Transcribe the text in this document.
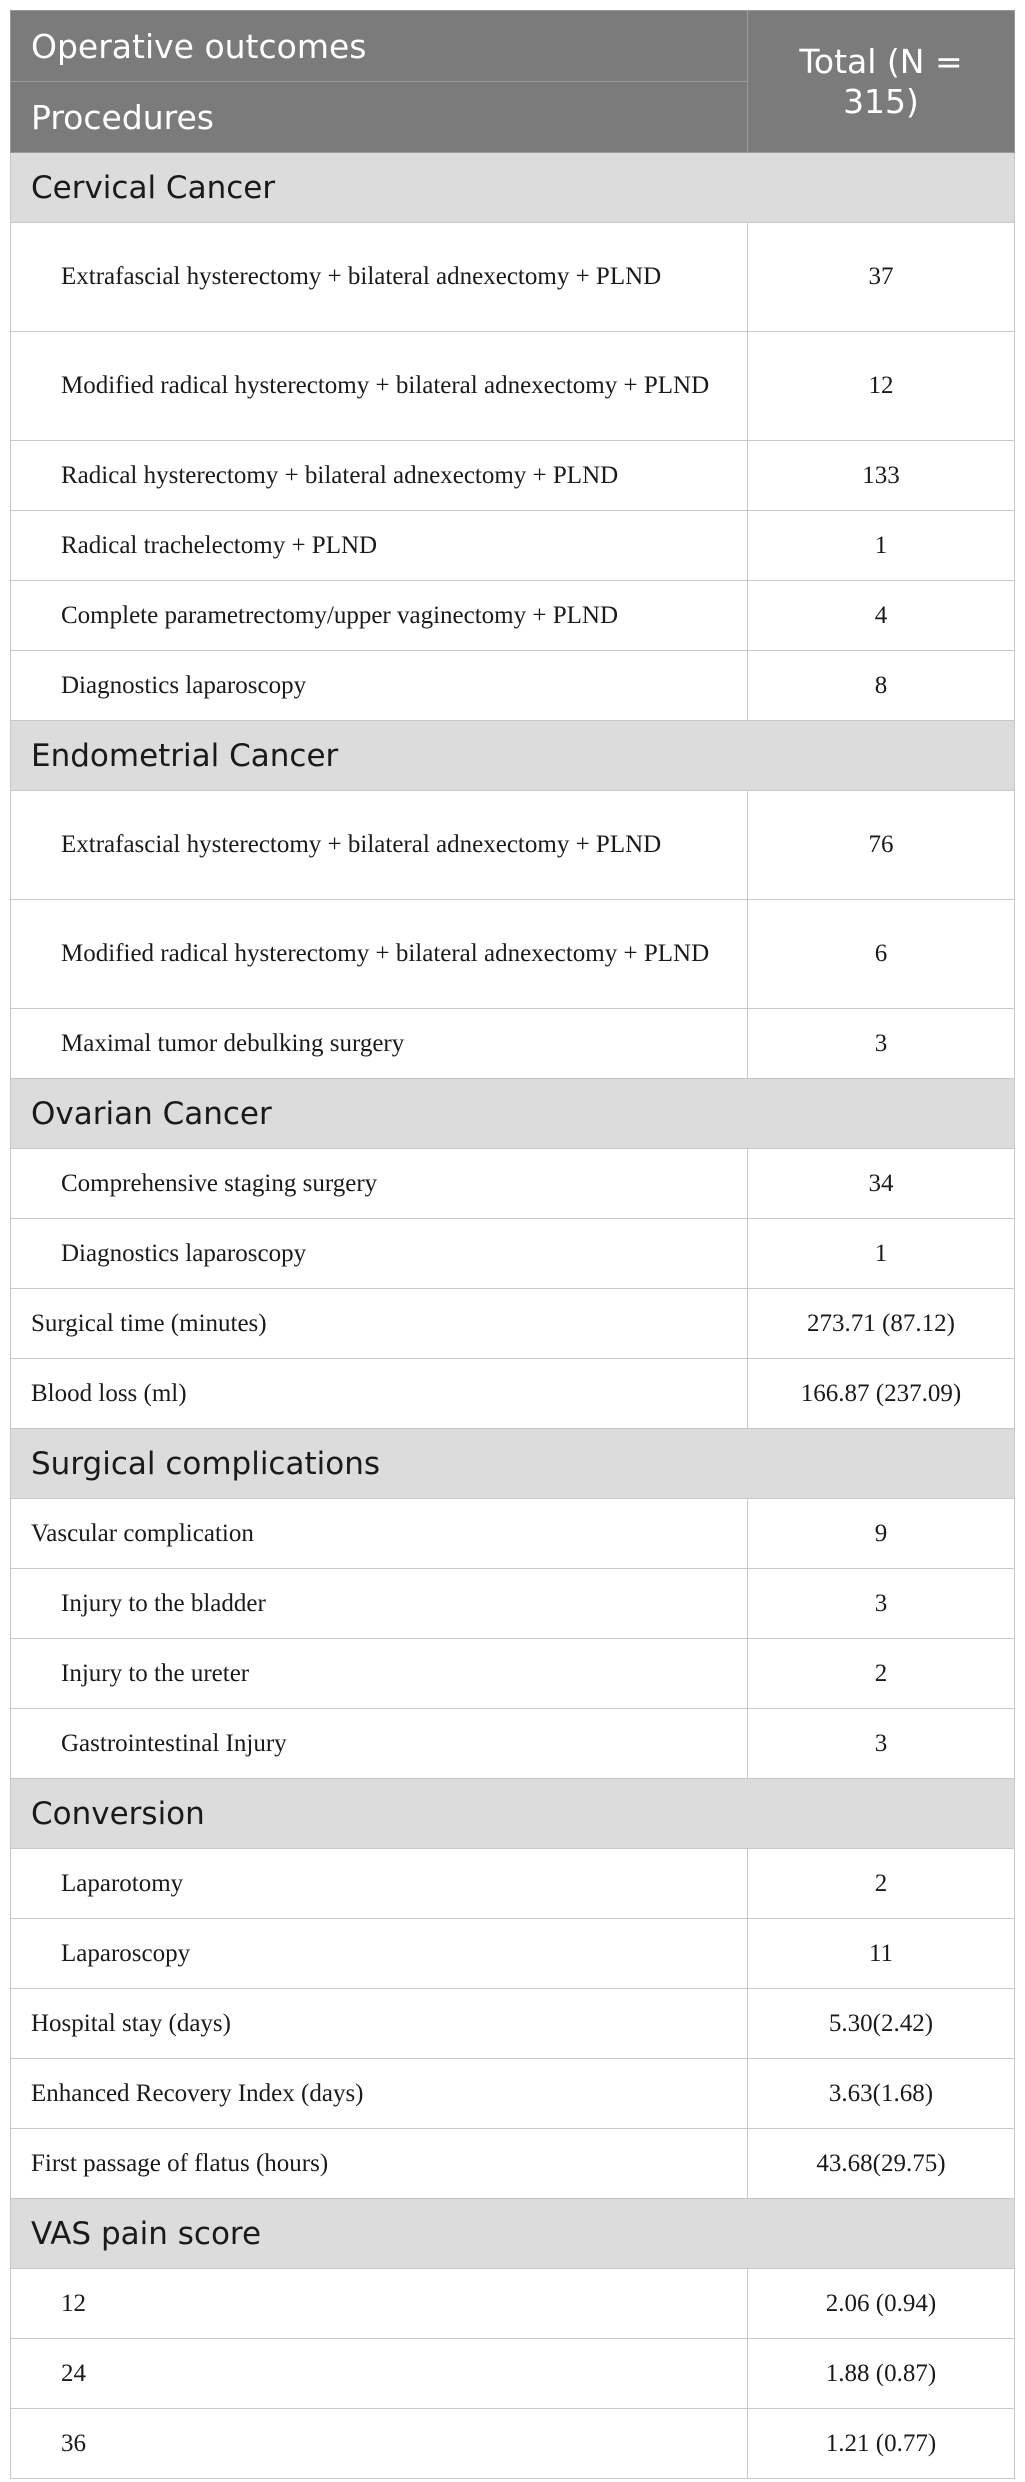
Operative outcomes	Total (N = 315)
Procedures	
Cervical Cancer	
Extrafascial hysterectomy + bilateral adnexectomy + PLND	37
Modified radical hysterectomy + bilateral adnexectomy + PLND	12
Radical hysterectomy + bilateral adnexectomy + PLND	133
Radical trachelectomy + PLND	1
Complete parametrectomy/upper vaginectomy + PLND	4
Diagnostics laparoscopy	8
Endometrial Cancer	
Extrafascial hysterectomy + bilateral adnexectomy + PLND	76
Modified radical hysterectomy + bilateral adnexectomy + PLND	6
Maximal tumor debulking surgery	3
Ovarian Cancer	
Comprehensive staging surgery	34
Diagnostics laparoscopy	1
Surgical time (minutes)	273.71 (87.12)
Blood loss (ml)	166.87 (237.09)
Surgical complications	
Vascular complication	9
Injury to the bladder	3
Injury to the ureter	2
Gastrointestinal Injury	3
Conversion	
Laparotomy	2
Laparoscopy	11
Hospital stay (days)	5.30(2.42)
Enhanced Recovery Index (days)	3.63(1.68)
First passage of flatus (hours)	43.68(29.75)
VAS pain score	
12	2.06 (0.94)
24	1.88 (0.87)
36	1.21 (0.77)
